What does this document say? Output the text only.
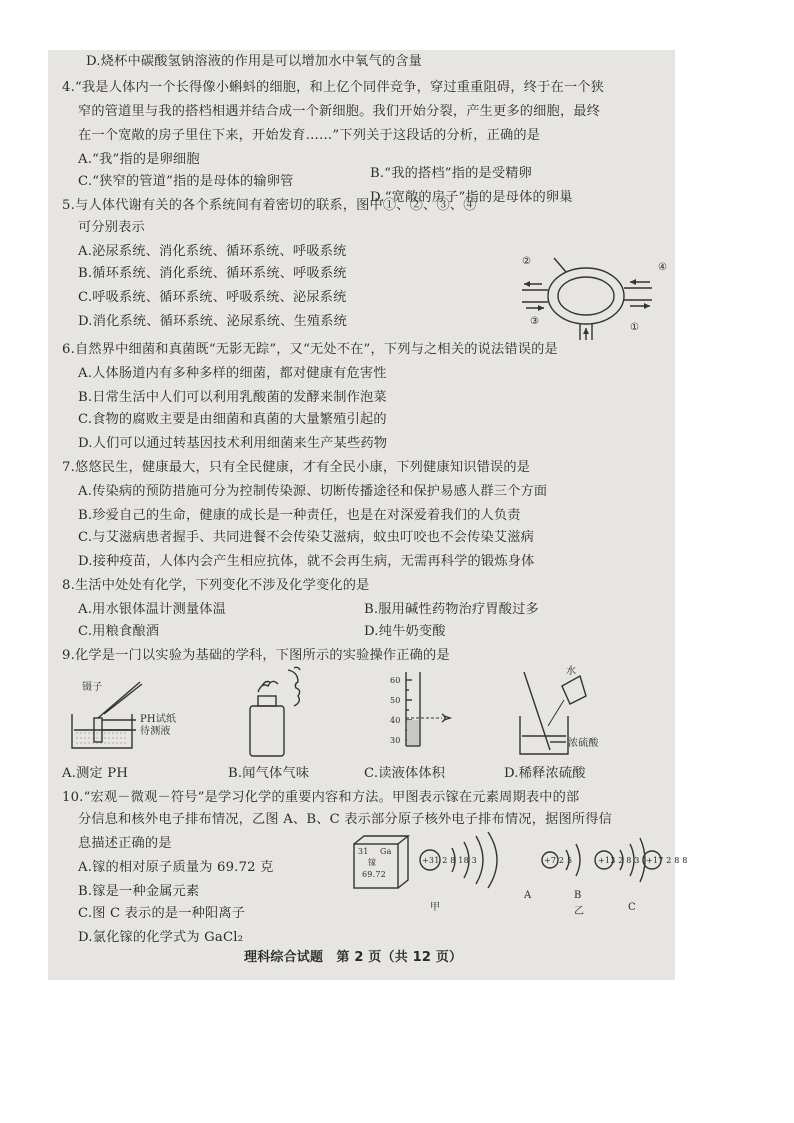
D.烧杯中碳酸氢钠溶液的作用是可以增加水中氧气的含量
4.“我是人体内一个长得像小蝌蚪的细胞，和上亿个同伴竞争，穿过重重阻碍，终于在一个狭
窄的管道里与我的搭档相遇并结合成一个新细胞。我们开始分裂，产生更多的细胞，最终
在一个宽敞的房子里住下来，开始发育……”下列关于这段话的分析，正确的是
A.“我”指的是卵细胞
C.“狭窄的管道”指的是母体的输卵管
B.“我的搭档”指的是受精卵
D.“宽敞的房子”指的是母体的卵巢
5.与人体代谢有关的各个系统间有着密切的联系，图中①、②、③、④
可分别表示
A.泌尿系统、消化系统、循环系统、呼吸系统
B.循环系统、消化系统、循环系统、呼吸系统
C.呼吸系统、循环系统、呼吸系统、泌尿系统
D.消化系统、循环系统、泌尿系统、生殖系统
②
④
③
①
6.自然界中细菌和真菌既“无影无踪”，又“无处不在”，下列与之相关的说法错误的是
A.人体肠道内有多种多样的细菌，都对健康有危害性
B.日常生活中人们可以利用乳酸菌的发酵来制作泡菜
C.食物的腐败主要是由细菌和真菌的大量繁殖引起的
D.人们可以通过转基因技术利用细菌来生产某些药物
7.悠悠民生，健康最大，只有全民健康，才有全民小康，下列健康知识错误的是
A.传染病的预防措施可分为控制传染源、切断传播途径和保护易感人群三个方面
B.珍爱自己的生命，健康的成长是一种责任，也是在对深爱着我们的人负责
C.与艾滋病患者握手、共同进餐不会传染艾滋病，蚊虫叮咬也不会传染艾滋病
D.接种疫苗，人体内会产生相应抗体，就不会再生病，无需再科学的锻炼身体
8.生活中处处有化学，下列变化不涉及化学变化的是
A.用水银体温计测量体温	B.服用碱性药物治疗胃酸过多
C.用粮食酿酒	D.纯牛奶变酸
9.化学是一门以实验为基础的学科，下图所示的实验操作正确的是
镊子
PH试纸
待测液
A.测定 PH	B.闻气体气味
60
50
40
30
C.读液体体积
水
浓硫酸
D.稀释浓硫酸
10.“宏观－微观－符号”是学习化学的重要内容和方法。甲图表示镓在元素周期表中的部
分信息和核外电子排布情况，乙图 A、B、C 表示部分原子核外电子排布情况，据图所得信
息描述正确的是
A.镓的相对原子质量为 69.72 克
B.镓是一种金属元素
C.图 C 表示的是一种阳离子
D.氯化镓的化学式为 GaCl₂
31 Ga
镓
69.72
+31 2 8 18 3	+7 2 5	+13 2 8 3 +17 2 8 8
甲
A	B
乙	C
理科综合试题　第 2 页（共 12 页）
